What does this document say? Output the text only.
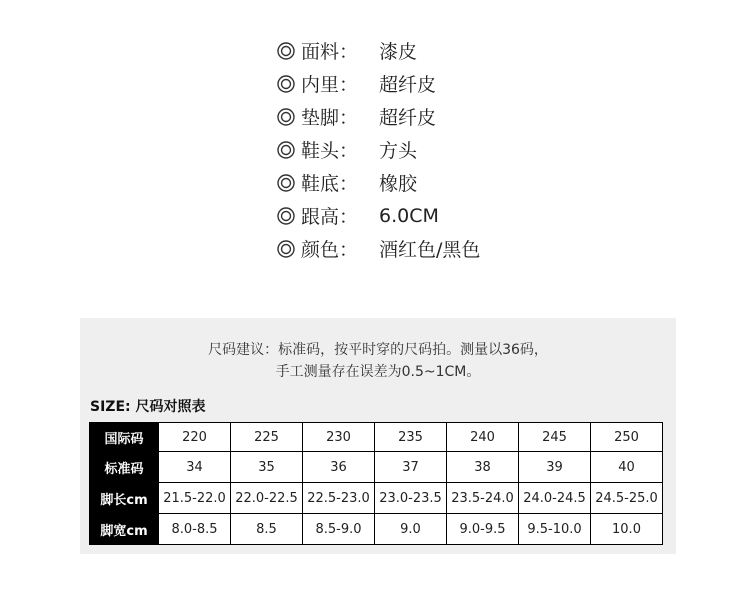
面料：	漆皮
内里：	超纤皮
垫脚：	超纤皮
鞋头：	方头
鞋底：	橡胶
跟高：	6.0CM
颜色：	酒红色/黑色
尺码建议：标准码，按平时穿的尺码拍。测量以36码，
手工测量存在误差为0.5~1CM。
SIZE: 尺码对照表
国际码	220	225	230	235	240	245	250
标准码	34	35	36	37	38	39	40
脚长cm	21.5-22.0	22.0-22.5	22.5-23.0	23.0-23.5	23.5-24.0	24.0-24.5	24.5-25.0
脚宽cm	8.0-8.5	8.5	8.5-9.0	9.0	9.0-9.5	9.5-10.0	10.0
